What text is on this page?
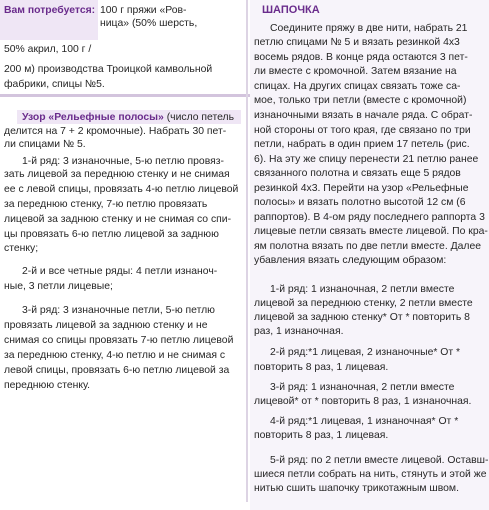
Вам потребуется: 100 г пряжи «Ров-
ница» (50% шерсть,
50% акрил, 100 г /
200 м) производства Троицкой камвольной
фабрики, спицы №5.
Узор «Рельефные полосы» (число петель
делится на 7 + 2 кромочные). Набрать 30 пет-
ли спицами № 5.
1-й ряд: 3 изнаночные, 5-ю петлю провяз-
зать лицевой за переднюю стенку и не снимая
ее с левой спицы, провязать 4-ю петлю лицевой
за переднюю стенку, 7-ю петлю провязать
лицевой за заднюю стенку и не снимая со спи-
цы провязать 6-ю петлю лицевой за заднюю
стенку;
2-й и все четные ряды: 4 петли изнаноч-
ные, 3 петли лицевые;
3-й ряд: 3 изнаночные петли, 5-ю петлю
провязать лицевой за заднюю стенку и не
снимая со спицы провязать 7-ю петлю лицевой
за переднюю стенку, 4-ю петлю и не снимая с
левой спицы, провязать 6-ю петлю лицевой за
переднюю стенку.
ШАПОЧКА
Соедините пряжу в две нити, набрать 21
петлю спицами № 5 и вязать резинкой 4х3
восемь рядов. В конце ряда остаются 3 пет-
ли вместе с кромочной. Затем вязание на
спицах. На других спицах связать тоже са-
мое, только три петли (вместе с кромочной)
изнаночными вязать в начале ряда. С обрат-
ной стороны от того края, где связано по три
петли, набрать в один прием 17 петель (рис.
6). На эту же спицу перенести 21 петлю ранее
связанного полотна и связать еще 5 рядов
резинкой 4х3. Перейти на узор «Рельефные
полосы» и вязать полотно высотой 12 см (6
раппортов). В 4-ом ряду последнего раппорта 3
лицевые петли связать вместе лицевой. По кра-
ям полотна вязать по две петли вместе. Далее
убавления вязать следующим образом:
1-й ряд: 1 изнаночная, 2 петли вместе
лицевой за переднюю стенку, 2 петли вместе
лицевой за заднюю стенку* От * повторить 8
раз, 1 изнаночная.
2-й ряд:*1 лицевая, 2 изнаночные* От *
повторить 8 раз, 1 лицевая.
3-й ряд: 1 изнаночная, 2 петли вместе
лицевой* от * повторить 8 раз, 1 изнаночная.
4-й ряд:*1 лицевая, 1 изнаночная* От *
повторить 8 раз, 1 лицевая.
5-й ряд: по 2 петли вместе лицевой. Оставш-
шиеся петли собрать на нить, стянуть и этой же
нитью сшить шапочку трикотажным швом.
